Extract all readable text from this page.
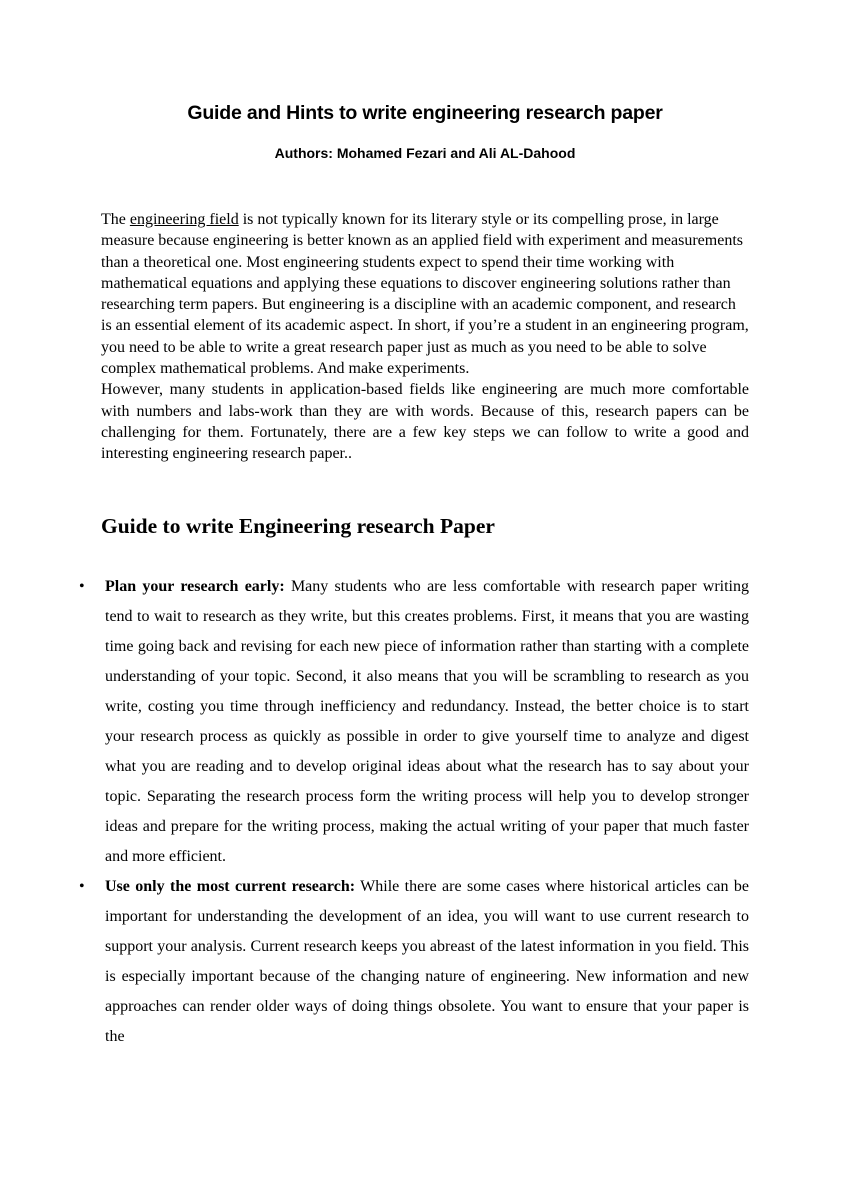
Guide and Hints to write engineering research paper
Authors: Mohamed Fezari and Ali AL-Dahood

The engineering field is not typically known for its literary style or its compelling prose, in large measure because engineering is better known as an applied field with experiment and measurements than a theoretical one. Most engineering students expect to spend their time working with mathematical equations and applying these equations to discover engineering solutions rather than researching term papers. But engineering is a discipline with an academic component, and research is an essential element of its academic aspect. In short, if you’re a student in an engineering program, you need to be able to write a great research paper just as much as you need to be able to solve complex mathematical problems. And make experiments.

However, many students in application-based fields like engineering are much more comfortable with numbers and labs-work than they are with words. Because of this, research papers can be challenging for them. Fortunately, there are a few key steps we can follow to write a good and interesting engineering research paper..

Guide to write Engineering research Paper
• Plan your research early: Many students who are less comfortable with research paper writing tend to wait to research as they write, but this creates problems. First, it means that you are wasting time going back and revising for each new piece of information rather than starting with a complete understanding of your topic. Second, it also means that you will be scrambling to research as you write, costing you time through inefficiency and redundancy. Instead, the better choice is to start your research process as quickly as possible in order to give yourself time to analyze and digest what you are reading and to develop original ideas about what the research has to say about your topic. Separating the research process form the writing process will help you to develop stronger ideas and prepare for the writing process, making the actual writing of your paper that much faster and more efficient.
• Use only the most current research: While there are some cases where historical articles can be important for understanding the development of an idea, you will want to use current research to support your analysis. Current research keeps you abreast of the latest information in you field. This is especially important because of the changing nature of engineering. New information and new approaches can render older ways of doing things obsolete. You want to ensure that your paper is the
